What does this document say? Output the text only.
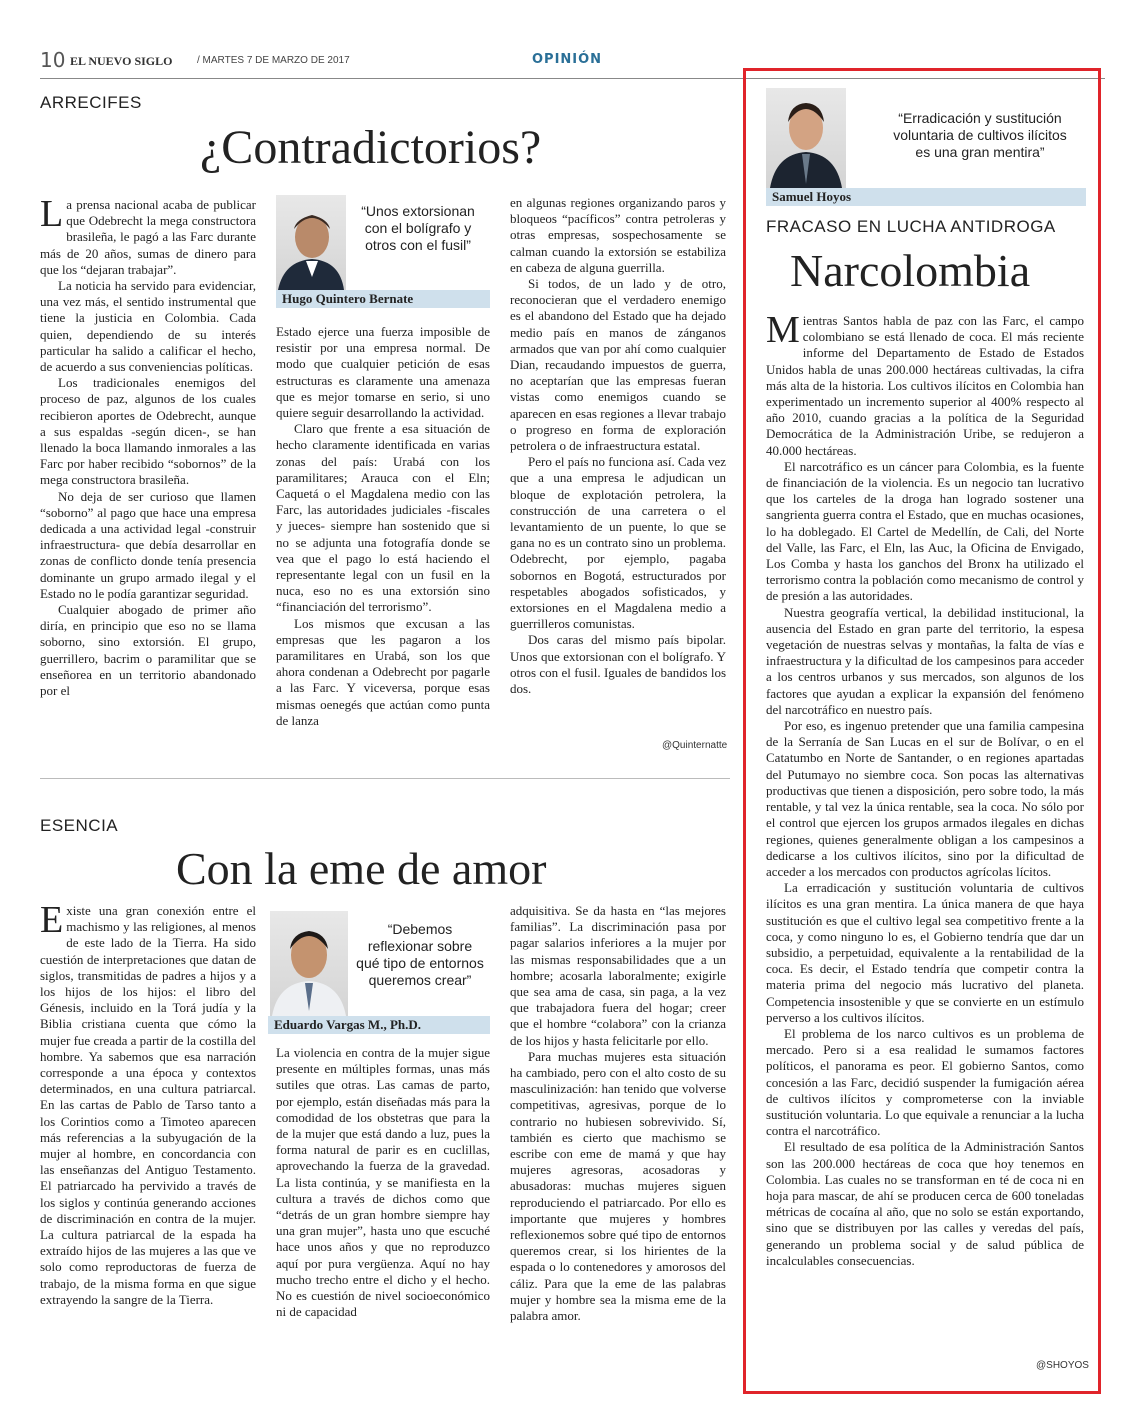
10 EL NUEVO SIGLO / MARTES 7 DE MARZO DE 2017	OPINIÓN
ARRECIFES
¿Contradictorios?

La prensa nacional acaba de publicar que Odebrecht la mega constructora brasileña, le pagó a las Farc durante más de 20 años, sumas de dinero para que los “dejaran trabajar”.

La noticia ha servido para evidenciar, una vez más, el sentido instrumental que tiene la justicia en Colombia. Cada quien, dependiendo de su interés particular ha salido a calificar el hecho, de acuerdo a sus conveniencias políticas.

Los tradicionales enemigos del proceso de paz, algunos de los cuales recibieron aportes de Odebrecht, aunque a sus espaldas -según dicen-, se han llenado la boca llamando inmorales a las Farc por haber recibido “sobornos” de la mega constructora brasileña.

No deja de ser curioso que llamen “soborno” al pago que hace una empresa dedicada a una actividad legal -construir infraestructura- que debía desarrollar en zonas de conflicto donde tenía presencia dominante un grupo armado ilegal y el Estado no le podía garantizar seguridad.

Cualquier abogado de primer año diría, en principio que eso no se llama soborno, sino extorsión. El grupo, guerrillero, bacrim o paramilitar que se enseñorea en un territorio abandonado por el

“Unos extorsionan con el bolígrafo y otros con el fusil”
Hugo Quintero Bernate

Estado ejerce una fuerza imposible de resistir por una empresa normal. De modo que cualquier petición de esas estructuras es claramente una amenaza que es mejor tomarse en serio, si uno quiere seguir desarrollando la actividad.

Claro que frente a esa situación de hecho claramente identificada en varias zonas del país: Urabá con los paramilitares; Arauca con el Eln; Caquetá o el Magdalena medio con las Farc, las autoridades judiciales -fiscales y jueces- siempre han sostenido que si no se adjunta una fotografía donde se vea que el pago lo está haciendo el representante legal con un fusil en la nuca, eso no es una extorsión sino “financiación del terrorismo”.

Los mismos que excusan a las empresas que les pagaron a los paramilitares en Urabá, son los que ahora condenan a Odebrecht por pagarle a las Farc. Y viceversa, porque esas mismas oenegés que actúan como punta de lanza

en algunas regiones organizando paros y bloqueos “pacíficos” contra petroleras y otras empresas, sospechosamente se calman cuando la extorsión se estabiliza en cabeza de alguna guerrilla.

Si todos, de un lado y de otro, reconocieran que el verdadero enemigo es el abandono del Estado que ha dejado medio país en manos de zánganos armados que van por ahí como cualquier Dian, recaudando impuestos de guerra, no aceptarían que las empresas fueran vistas como enemigos cuando se aparecen en esas regiones a llevar trabajo o progreso en forma de exploración petrolera o de infraestructura estatal.

Pero el país no funciona así. Cada vez que a una empresa le adjudican un bloque de explotación petrolera, la construcción de una carretera o el levantamiento de un puente, lo que se gana no es un contrato sino un problema. Odebrecht, por ejemplo, pagaba sobornos en Bogotá, estructurados por respetables abogados sofisticados, y extorsiones en el Magdalena medio a guerrilleros comunistas.

Dos caras del mismo país bipolar. Unos que extorsionan con el bolígrafo. Y otros con el fusil. Iguales de bandidos los dos.

@Quinternatte
ESENCIA
Con la eme de amor

Existe una gran conexión entre el machismo y las religiones, al menos de este lado de la Tierra. Ha sido cuestión de interpretaciones que datan de siglos, transmitidas de padres a hijos y a los hijos de los hijos: el libro del Génesis, incluido en la Torá judía y la Biblia cristiana cuenta que cómo la mujer fue creada a partir de la costilla del hombre. Ya sabemos que esa narración corresponde a una época y contextos determinados, en una cultura patriarcal. En las cartas de Pablo de Tarso tanto a los Corintios como a Timoteo aparecen más referencias a la subyugación de la mujer al hombre, en concordancia con las enseñanzas del Antiguo Testamento. El patriarcado ha pervivido a través de los siglos y continúa generando acciones de discriminación en contra de la mujer. La cultura patriarcal de la espada ha extraído hijos de las mujeres a las que ve solo como reproductoras de fuerza de trabajo, de la misma forma en que sigue extrayendo la sangre de la Tierra.

“Debemos reflexionar sobre qué tipo de entornos queremos crear”
Eduardo Vargas M., Ph.D.

La violencia en contra de la mujer sigue presente en múltiples formas, unas más sutiles que otras. Las camas de parto, por ejemplo, están diseñadas más para la comodidad de los obstetras que para la de la mujer que está dando a luz, pues la forma natural de parir es en cuclillas, aprovechando la fuerza de la gravedad. La lista continúa, y se manifiesta en la cultura a través de dichos como que “detrás de un gran hombre siempre hay una gran mujer”, hasta uno que escuché hace unos años y que no reproduzco aquí por pura vergüenza. Aquí no hay mucho trecho entre el dicho y el hecho. No es cuestión de nivel socioeconómico ni de capacidad

adquisitiva. Se da hasta en “las mejores familias”. La discriminación pasa por pagar salarios inferiores a la mujer por las mismas responsabilidades que a un hombre; acosarla laboralmente; exigirle que sea ama de casa, sin paga, a la vez que trabajadora fuera del hogar; creer que el hombre “colabora” con la crianza de los hijos y hasta felicitarle por ello.

Para muchas mujeres esta situación ha cambiado, pero con el alto costo de su masculinización: han tenido que volverse competitivas, agresivas, porque de lo contrario no hubiesen sobrevivido. Sí, también es cierto que machismo se escribe con eme de mamá y que hay mujeres agresoras, acosadoras y abusadoras: muchas mujeres siguen reproduciendo el patriarcado. Por ello es importante que mujeres y hombres reflexionemos sobre qué tipo de entornos queremos crear, si los hirientes de la espada o lo contenedores y amorosos del cáliz. Para que la eme de las palabras mujer y hombre sea la misma eme de la palabra amor.

“Erradicación y sustitución voluntaria de cultivos ilícitos es una gran mentira”
Samuel Hoyos
FRACASO EN LUCHA ANTIDROGA
Narcolombia

Mientras Santos habla de paz con las Farc, el campo colombiano se está llenado de coca. El más reciente informe del Departamento de Estado de Estados Unidos habla de unas 200.000 hectáreas cultivadas, la cifra más alta de la historia. Los cultivos ilícitos en Colombia han experimentado un incremento superior al 400% respecto al año 2010, cuando gracias a la política de la Seguridad Democrática de la Administración Uribe, se redujeron a 40.000 hectáreas.

El narcotráfico es un cáncer para Colombia, es la fuente de financiación de la violencia. Es un negocio tan lucrativo que los carteles de la droga han logrado sostener una sangrienta guerra contra el Estado, que en muchas ocasiones, lo ha doblegado. El Cartel de Medellín, de Cali, del Norte del Valle, las Farc, el Eln, las Auc, la Oficina de Envigado, Los Comba y hasta los ganchos del Bronx ha utilizado el terrorismo contra la población como mecanismo de control y de presión a las autoridades.

Nuestra geografía vertical, la debilidad institucional, la ausencia del Estado en gran parte del territorio, la espesa vegetación de nuestras selvas y montañas, la falta de vías e infraestructura y la dificultad de los campesinos para acceder a los centros urbanos y sus mercados, son algunos de los factores que ayudan a explicar la expansión del fenómeno del narcotráfico en nuestro país.

Por eso, es ingenuo pretender que una familia campesina de la Serranía de San Lucas en el sur de Bolívar, o en el Catatumbo en Norte de Santander, o en regiones apartadas del Putumayo no siembre coca. Son pocas las alternativas productivas que tienen a disposición, pero sobre todo, la más rentable, y tal vez la única rentable, sea la coca. No sólo por el control que ejercen los grupos armados ilegales en dichas regiones, quienes generalmente obligan a los campesinos a dedicarse a los cultivos ilícitos, sino por la dificultad de acceder a los mercados con productos agrícolas lícitos.

La erradicación y sustitución voluntaria de cultivos ilícitos es una gran mentira. La única manera de que haya sustitución es que el cultivo legal sea competitivo frente a la coca, y como ninguno lo es, el Gobierno tendría que dar un subsidio, a perpetuidad, equivalente a la rentabilidad de la coca. Es decir, el Estado tendría que competir contra la materia prima del negocio más lucrativo del planeta. Competencia insostenible y que se convierte en un estímulo perverso a los cultivos ilícitos.

El problema de los narco cultivos es un problema de mercado. Pero si a esa realidad le sumamos factores políticos, el panorama es peor. El gobierno Santos, como concesión a las Farc, decidió suspender la fumigación aérea de cultivos ilícitos y comprometerse con la inviable sustitución voluntaria. Lo que equivale a renunciar a la lucha contra el narcotráfico.

El resultado de esa política de la Administración Santos son las 200.000 hectáreas de coca que hoy tenemos en Colombia. Las cuales no se transforman en té de coca ni en hoja para mascar, de ahí se producen cerca de 600 toneladas métricas de cocaína al año, que no solo se están exportando, sino que se distribuyen por las calles y veredas del país, generando un problema social y de salud pública de incalculables consecuencias.

@SHOYOS
